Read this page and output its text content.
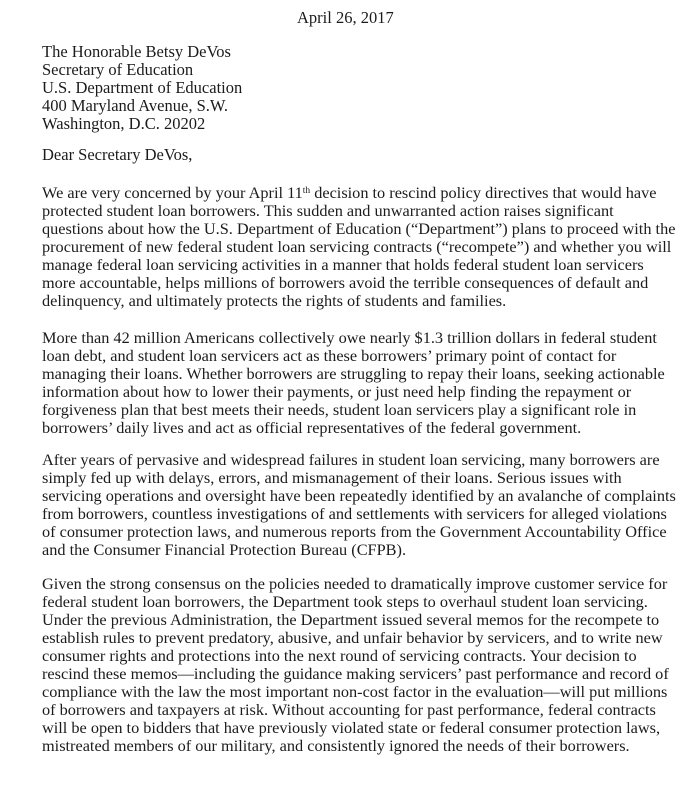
April 26, 2017
The Honorable Betsy DeVos
Secretary of Education
U.S. Department of Education
400 Maryland Avenue, S.W.
Washington, D.C. 20202
Dear Secretary DeVos,
We are very concerned by your April 11th decision to rescind policy directives that would have
protected student loan borrowers. This sudden and unwarranted action raises significant
questions about how the U.S. Department of Education (“Department”) plans to proceed with the
procurement of new federal student loan servicing contracts (“recompete”) and whether you will
manage federal loan servicing activities in a manner that holds federal student loan servicers
more accountable, helps millions of borrowers avoid the terrible consequences of default and
delinquency, and ultimately protects the rights of students and families.
More than 42 million Americans collectively owe nearly $1.3 trillion dollars in federal student
loan debt, and student loan servicers act as these borrowers’ primary point of contact for
managing their loans. Whether borrowers are struggling to repay their loans, seeking actionable
information about how to lower their payments, or just need help finding the repayment or
forgiveness plan that best meets their needs, student loan servicers play a significant role in
borrowers’ daily lives and act as official representatives of the federal government.
After years of pervasive and widespread failures in student loan servicing, many borrowers are
simply fed up with delays, errors, and mismanagement of their loans. Serious issues with
servicing operations and oversight have been repeatedly identified by an avalanche of complaints
from borrowers, countless investigations of and settlements with servicers for alleged violations
of consumer protection laws, and numerous reports from the Government Accountability Office
and the Consumer Financial Protection Bureau (CFPB).
Given the strong consensus on the policies needed to dramatically improve customer service for
federal student loan borrowers, the Department took steps to overhaul student loan servicing.
Under the previous Administration, the Department issued several memos for the recompete to
establish rules to prevent predatory, abusive, and unfair behavior by servicers, and to write new
consumer rights and protections into the next round of servicing contracts. Your decision to
rescind these memos—including the guidance making servicers’ past performance and record of
compliance with the law the most important non-cost factor in the evaluation—will put millions
of borrowers and taxpayers at risk. Without accounting for past performance, federal contracts
will be open to bidders that have previously violated state or federal consumer protection laws,
mistreated members of our military, and consistently ignored the needs of their borrowers.
